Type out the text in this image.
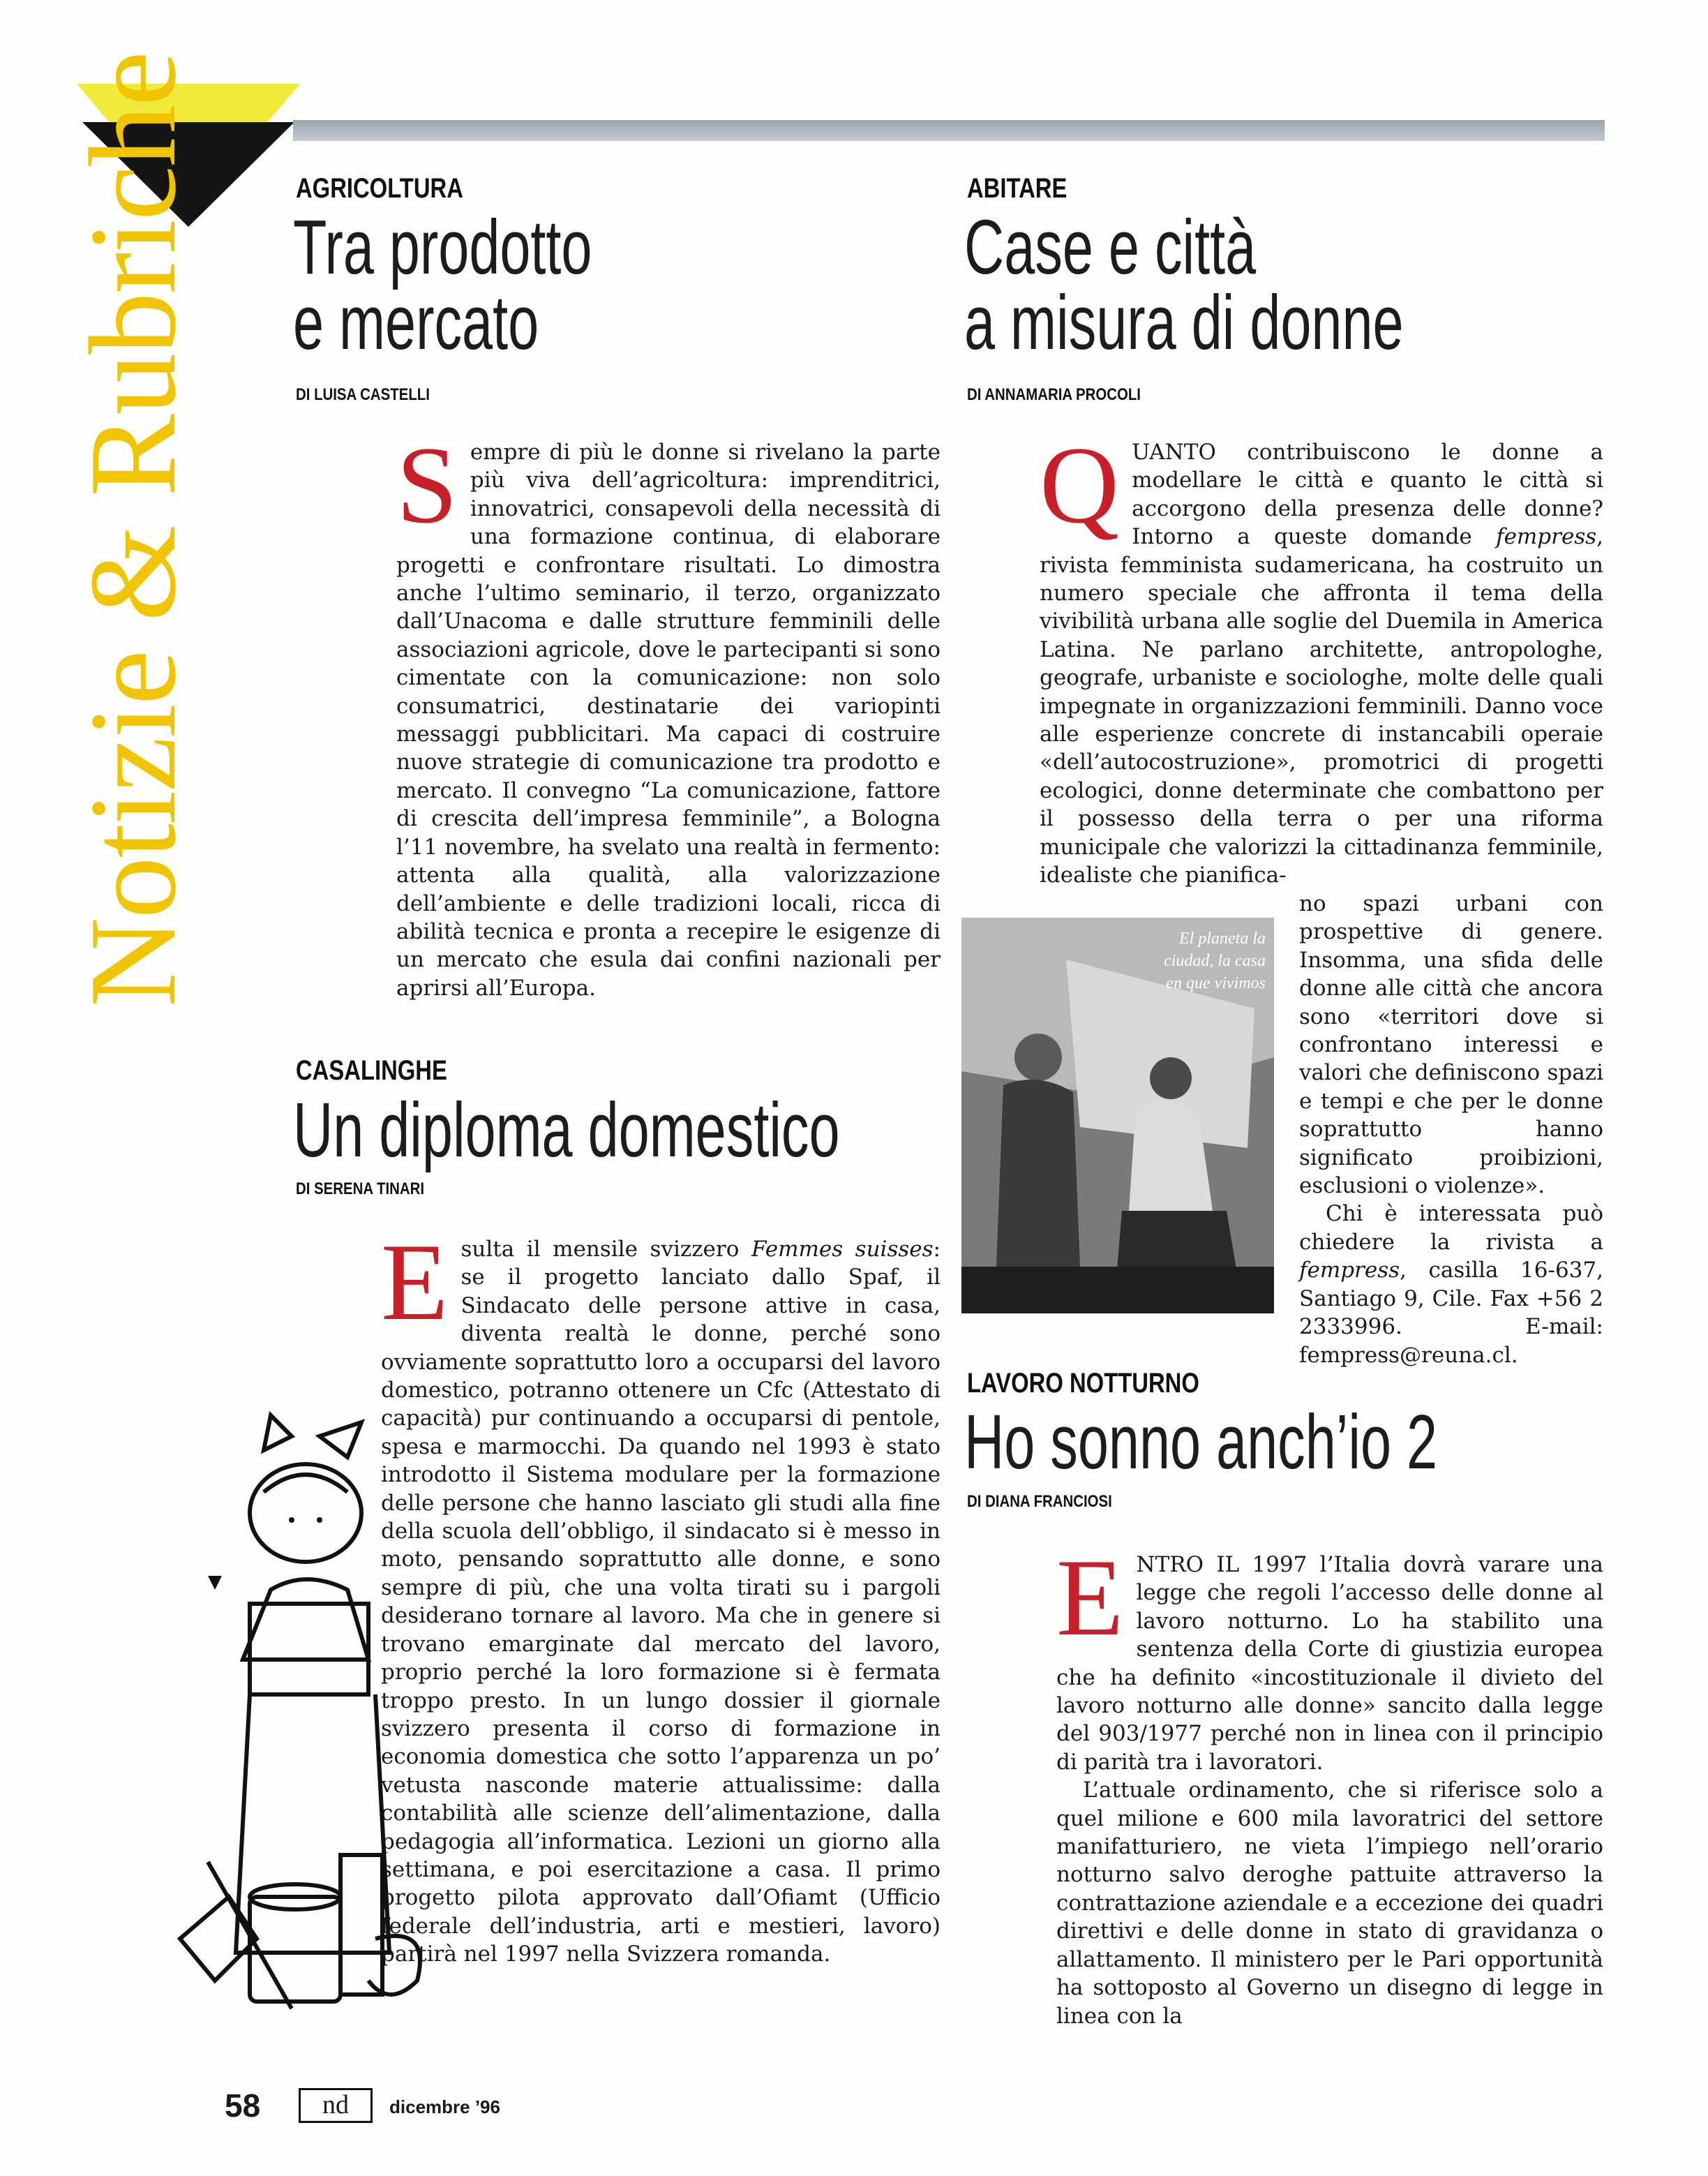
Notizie & Rubriche	AGRICOLTURA
Tra prodotto
e mercato
DI LUISA CASTELLI
Sempre di più le donne si rivelano la parte più viva dell’agricoltura: imprenditrici, innovatrici, consapevoli della necessità di una formazione continua, di elaborare progetti e confrontare risultati. Lo dimostra anche l’ultimo seminario, il terzo, organizzato dall’Unacoma e dalle strutture femminili delle associazioni agricole, dove le partecipanti si sono cimentate con la comunicazione: non solo consumatrici, destinatarie dei variopinti messaggi pubblicitari. Ma capaci di costruire nuove strategie di comunicazione tra prodotto e mercato. Il convegno “La comunicazione, fattore di crescita dell’impresa femminile”, a Bologna l’11 novembre, ha svelato una realtà in fermento: attenta alla qualità, alla valorizzazione dell’ambiente e delle tradizioni locali, ricca di abilità tecnica e pronta a recepire le esigenze di un mercato che esula dai confini nazionali per aprirsi all’Europa.
ABITARE
Case e città
a misura di donne
DI ANNAMARIA PROCOLI
QUANTO contribuiscono le donne a modellare le città e quanto le città si accorgono della presenza delle donne? Intorno a queste domande fempress, rivista femminista sudamericana, ha costruito un numero speciale che affronta il tema della vivibilità urbana alle soglie del Duemila in America Latina. Ne parlano architette, antropologhe, geografe, urbaniste e sociologhe, molte delle quali impegnate in organizzazioni femminili. Danno voce alle esperienze concrete di instancabili operaie «dell’autocostruzione», promotrici di progetti ecologici, donne determinate che combattono per il possesso della terra o per una riforma municipale che valorizzi la cittadinanza femminile, idealiste che pianifica-
El planeta la ciudad, la casa en que vivimos
no spazi urbani con prospettive di genere. Insomma, una sfida delle donne alle città che ancora sono «territori dove si confrontano interessi e valori che definiscono spazi e tempi e che per le donne soprattutto hanno significato proibizioni, esclusioni o violenze».
Chi è interessata può chiedere la rivista a fempress, casilla 16-637, Santiago 9, Cile. Fax +56 2 2333996. E-mail: fempress@reuna.cl.
CASALINGHE
Un diploma domestico
DI SERENA TINARI
Esulta il mensile svizzero Femmes suisses: se il progetto lanciato dallo Spaf, il Sindacato delle persone attive in casa, diventa realtà le donne, perché sono ovviamente soprattutto loro a occuparsi del lavoro domestico, potranno ottenere un Cfc (Attestato di capacità) pur continuando a occuparsi di pentole, spesa e marmocchi. Da quando nel 1993 è stato introdotto il Sistema modulare per la formazione delle persone che hanno lasciato gli studi alla fine della scuola dell’obbligo, il sindacato si è messo in moto, pensando soprattutto alle donne, e sono sempre di più, che una volta tirati su i pargoli desiderano tornare al lavoro. Ma che in genere si trovano emarginate dal mercato del lavoro, proprio perché la loro formazione si è fermata troppo presto. In un lungo dossier il giornale svizzero presenta il corso di formazione in economia domestica che sotto l’apparenza un po’ vetusta nasconde materie attualissime: dalla contabilità alle scienze dell’alimentazione, dalla pedagogia all’informatica. Lezioni un giorno alla settimana, e poi esercitazione a casa. Il primo progetto pilota approvato dall’Ofiamt (Ufficio federale dell’industria, arti e mestieri, lavoro) partirà nel 1997 nella Svizzera romanda.
LAVORO NOTTURNO
Ho sonno anch’io 2
DI DIANA FRANCIOSI
ENTRO IL 1997 l’Italia dovrà varare una legge che regoli l’accesso delle donne al lavoro notturno. Lo ha stabilito una sentenza della Corte di giustizia europea che ha definito «incostituzionale il divieto del lavoro notturno alle donne» sancito dalla legge del 903/1977 perché non in linea con il principio di parità tra i lavoratori.
L’attuale ordinamento, che si riferisce solo a quel milione e 600 mila lavoratrici del settore manifatturiero, ne vieta l’impiego nell’orario notturno salvo deroghe pattuite attraverso la contrattazione aziendale e a eccezione dei quadri direttivi e delle donne in stato di gravidanza o allattamento. Il ministero per le Pari opportunità ha sottoposto al Governo un disegno di legge in linea con la
58	nd	dicembre ’96
